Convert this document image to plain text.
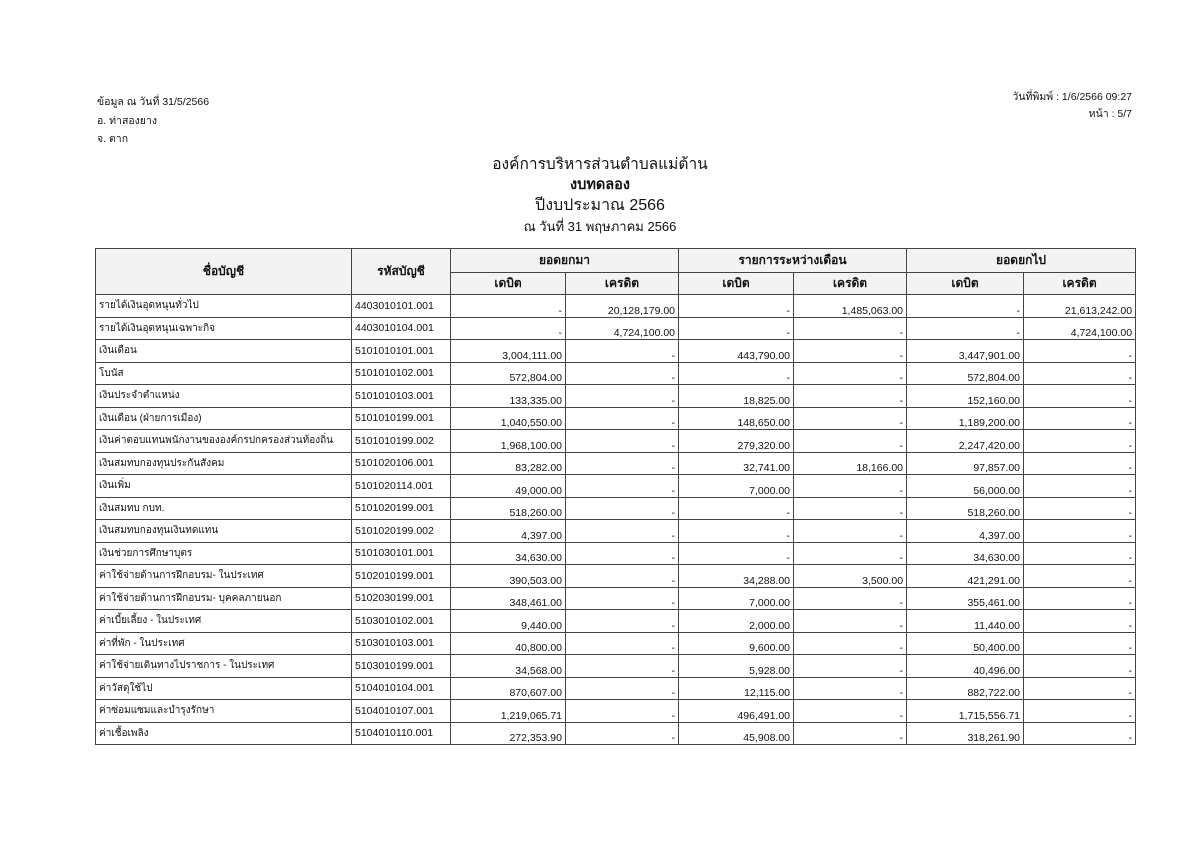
ข้อมูล ณ วันที่ 31/5/2566
อ. ท่าสองยาง
จ. ตาก
วันที่พิมพ์ : 1/6/2566 09:27
หน้า : 5/7
องค์การบริหารส่วนตำบลแม่ต้าน
งบทดลอง
ปีงบประมาณ 2566
ณ วันที่ 31 พฤษภาคม 2566
ชื่อบัญชี	รหัสบัญชี	ยอดยกมา		รายการระหว่างเดือน		ยอดยกไป	
		เดบิต	เครดิต	เดบิต	เครดิต	เดบิต	เครดิต
รายได้เงินอุดหนุนทั่วไป	4403010101.001	-	20,128,179.00	-	1,485,063.00	-	21,613,242.00
รายได้เงินอุดหนุนเฉพาะกิจ	4403010104.001	-	4,724,100.00	-	-	-	4,724,100.00
เงินเดือน	5101010101.001	3,004,111.00	-	443,790.00	-	3,447,901.00	-
โบนัส	5101010102.001	572,804.00	-	-	-	572,804.00	-
เงินประจำตำแหน่ง	5101010103.001	133,335.00	-	18,825.00	-	152,160.00	-
เงินเดือน (ฝ่ายการเมือง)	5101010199.001	1,040,550.00	-	148,650.00	-	1,189,200.00	-
เงินค่าตอบแทนพนักงานขององค์กรปกครองส่วนท้องถิ่น	5101010199.002	1,968,100.00	-	279,320.00	-	2,247,420.00	-
เงินสมทบกองทุนประกันสังคม	5101020106.001	83,282.00	-	32,741.00	18,166.00	97,857.00	-
เงินเพิ่ม	5101020114.001	49,000.00	-	7,000.00	-	56,000.00	-
เงินสมทบ กบท.	5101020199.001	518,260.00	-	-	-	518,260.00	-
เงินสมทบกองทุนเงินทดแทน	5101020199.002	4,397.00	-	-	-	4,397.00	-
เงินช่วยการศึกษาบุตร	5101030101.001	34,630.00	-	-	-	34,630.00	-
ค่าใช้จ่ายด้านการฝึกอบรม- ในประเทศ	5102010199.001	390,503.00	-	34,288.00	3,500.00	421,291.00	-
ค่าใช้จ่ายด้านการฝึกอบรม- บุคคลภายนอก	5102030199.001	348,461.00	-	7,000.00	-	355,461.00	-
ค่าเบี้ยเลี้ยง - ในประเทศ	5103010102.001	9,440.00	-	2,000.00	-	11,440.00	-
ค่าที่พัก - ในประเทศ	5103010103.001	40,800.00	-	9,600.00	-	50,400.00	-
ค่าใช้จ่ายเดินทางไปราชการ - ในประเทศ	5103010199.001	34,568.00	-	5,928.00	-	40,496.00	-
ค่าวัสดุใช้ไป	5104010104.001	870,607.00	-	12,115.00	-	882,722.00	-
ค่าซ่อมแซมและบำรุงรักษา	5104010107.001	1,219,065.71	-	496,491.00	-	1,715,556.71	-
ค่าเชื้อเพลิง	5104010110.001	272,353.90	-	45,908.00	-	318,261.90	-
